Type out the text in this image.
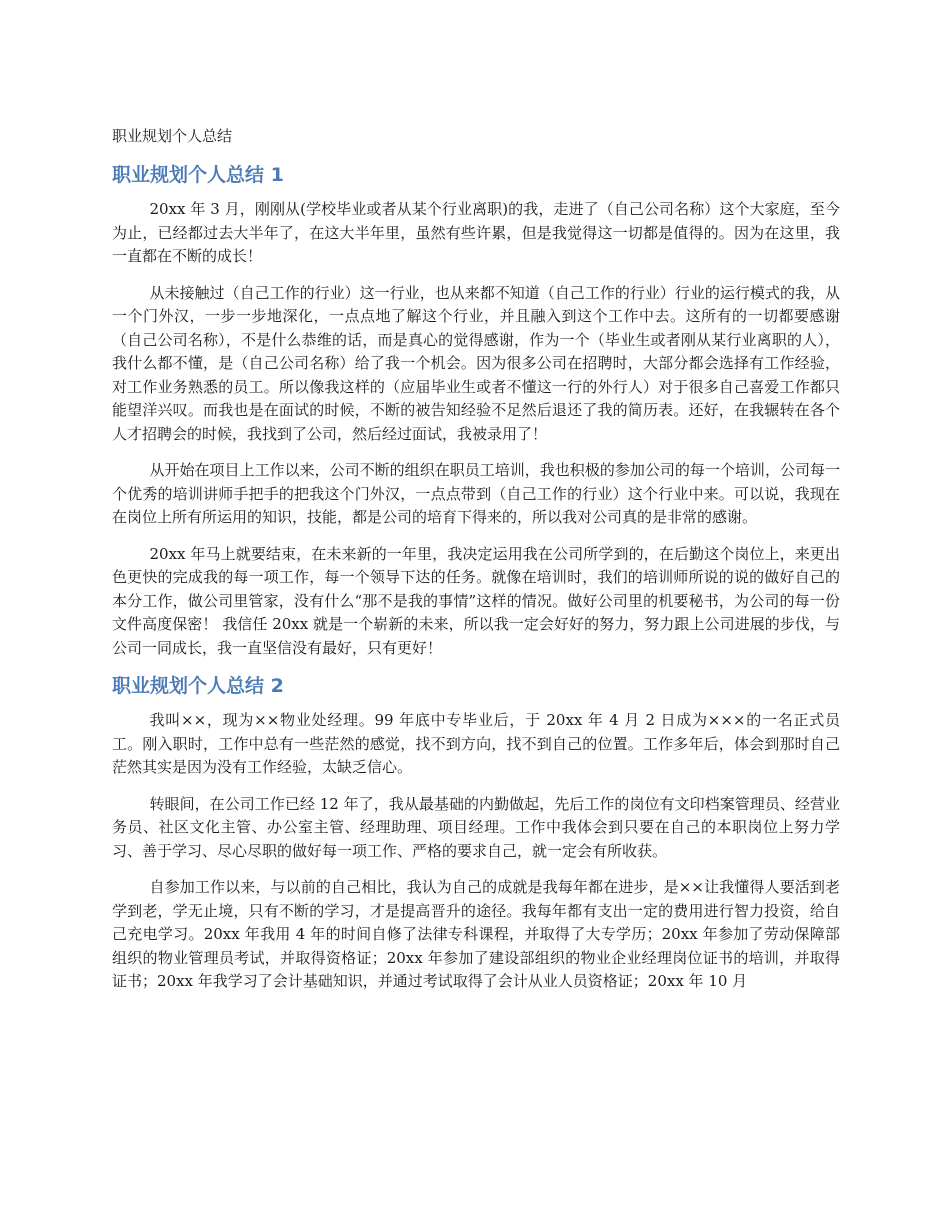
职业规划个人总结
职业规划个人总结 1

20xx 年 3 月，刚刚从(学校毕业或者从某个行业离职)的我，走进了（自己公司名称）这个大家庭，至今为止，已经都过去大半年了，在这大半年里，虽然有些许累，但是我觉得这一切都是值得的。因为在这里，我一直都在不断的成长！

从未接触过（自己工作的行业）这一行业，也从来都不知道（自己工作的行业）行业的运行模式的我，从一个门外汉，一步一步地深化，一点点地了解这个行业，并且融入到这个工作中去。这所有的一切都要感谢（自己公司名称），不是什么恭维的话，而是真心的觉得感谢，作为一个（毕业生或者刚从某行业离职的人），我什么都不懂，是（自己公司名称）给了我一个机会。因为很多公司在招聘时，大部分都会选择有工作经验，对工作业务熟悉的员工。所以像我这样的（应届毕业生或者不懂这一行的外行人）对于很多自己喜爱工作都只能望洋兴叹。而我也是在面试的时候，不断的被告知经验不足然后退还了我的简历表。还好，在我辗转在各个人才招聘会的时候，我找到了公司，然后经过面试，我被录用了！

从开始在项目上工作以来，公司不断的组织在职员工培训，我也积极的参加公司的每一个培训，公司每一个优秀的培训讲师手把手的把我这个门外汉，一点点带到（自己工作的行业）这个行业中来。可以说，我现在在岗位上所有所运用的知识，技能，都是公司的培育下得来的，所以我对公司真的是非常的感谢。

20xx 年马上就要结束，在未来新的一年里，我决定运用我在公司所学到的，在后勤这个岗位上，来更出色更快的完成我的每一项工作，每一个领导下达的任务。就像在培训时，我们的培训师所说的说的做好自己的本分工作，做公司里管家，没有什么“那不是我的事情”这样的情况。做好公司里的机要秘书，为公司的每一份文件高度保密！ 我信任 20xx 就是一个崭新的未来，所以我一定会好好的努力，努力跟上公司进展的步伐，与公司一同成长，我一直坚信没有最好，只有更好！

职业规划个人总结 2

我叫××，现为××物业处经理。99 年底中专毕业后，于 20xx 年 4 月 2 日成为×××的一名正式员工。刚入职时，工作中总有一些茫然的感觉，找不到方向，找不到自己的位置。工作多年后，体会到那时自己茫然其实是因为没有工作经验，太缺乏信心。

转眼间，在公司工作已经 12 年了，我从最基础的内勤做起，先后工作的岗位有文印档案管理员、经营业务员、社区文化主管、办公室主管、经理助理、项目经理。工作中我体会到只要在自己的本职岗位上努力学习、善于学习、尽心尽职的做好每一项工作、严格的要求自己，就一定会有所收获。

自参加工作以来，与以前的自己相比，我认为自己的成就是我每年都在进步，是××让我懂得人要活到老学到老，学无止境，只有不断的学习，才是提高晋升的途径。我每年都有支出一定的费用进行智力投资，给自己充电学习。20xx 年我用 4 年的时间自修了法律专科课程，并取得了大专学历；20xx 年参加了劳动保障部组织的物业管理员考试，并取得资格证；20xx 年参加了建设部组织的物业企业经理岗位证书的培训，并取得证书；20xx 年我学习了会计基础知识，并通过考试取得了会计从业人员资格证；20xx 年 10 月
